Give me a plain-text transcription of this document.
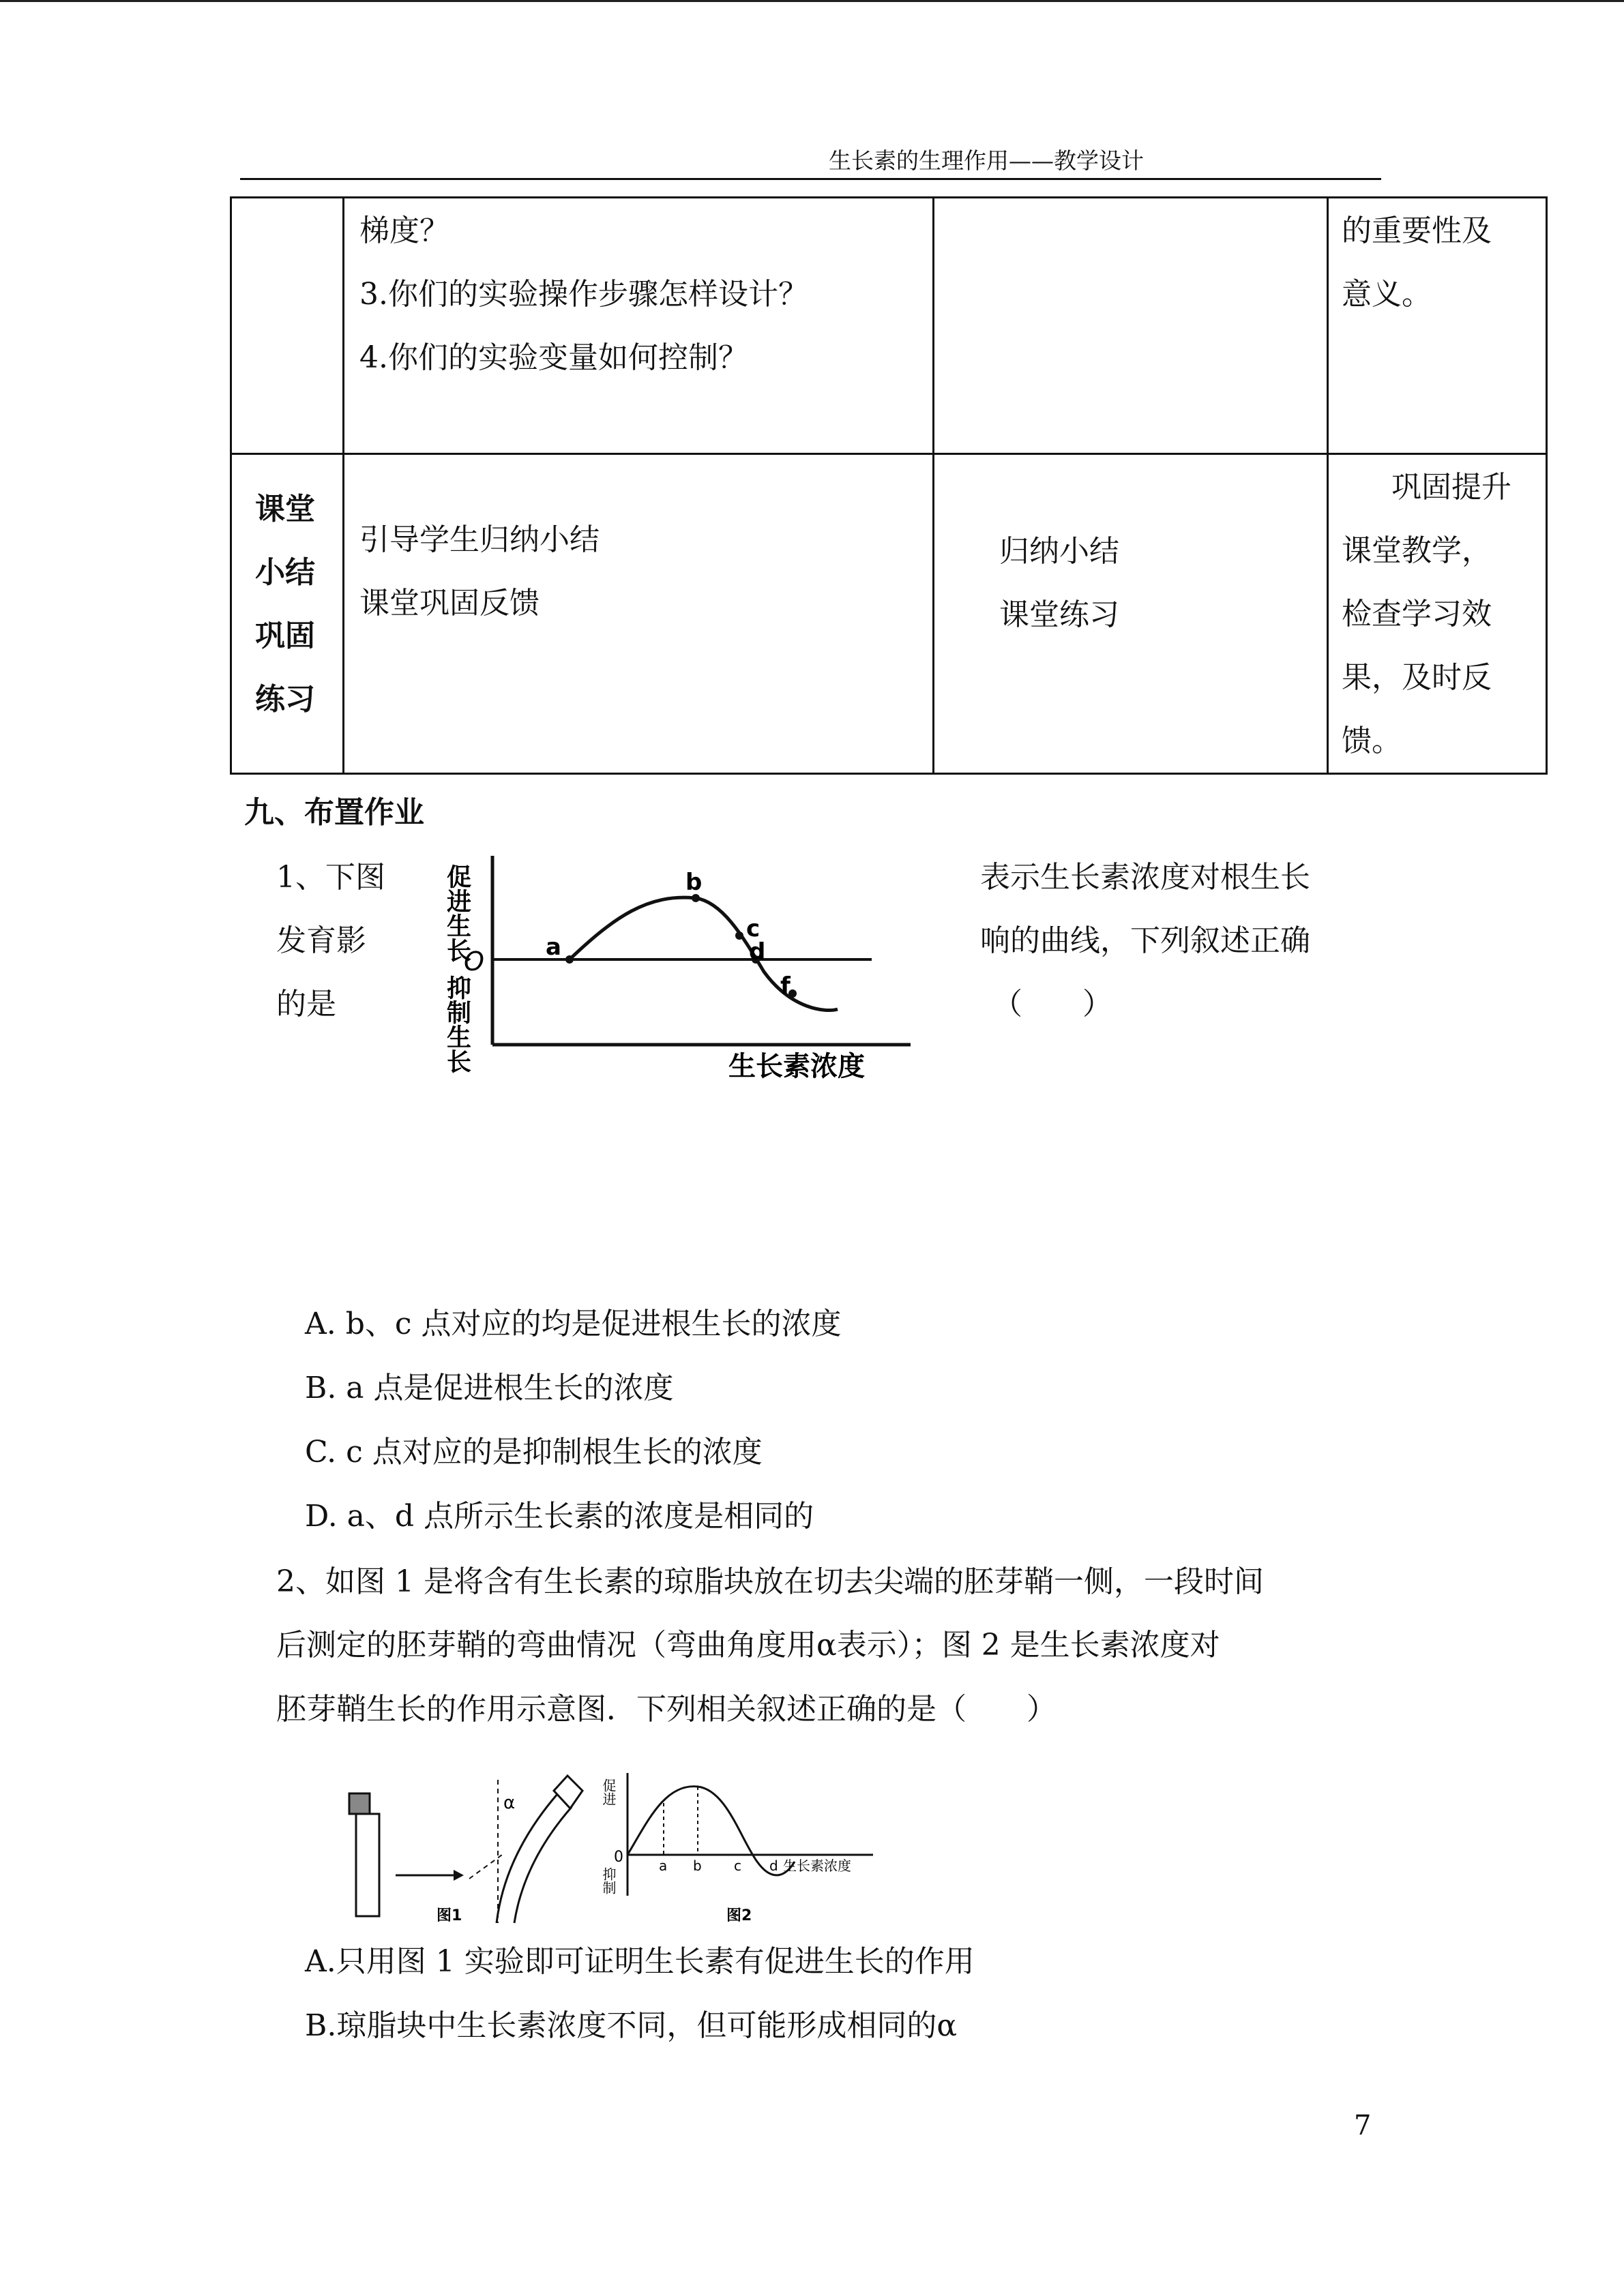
生长素的生理作用——教学设计
梯度？
3.你们的实验操作步骤怎样设计？
4.你们的实验变量如何控制？
的重要性及
意义。
课堂
小结
巩固
练习
引导学生归纳小结
课堂巩固反馈
归纳小结
课堂练习
巩固提升
课堂教学，
检查学习效
果，及时反
馈。
九、布置作业
1、下图
发育影
的是
表示生长素浓度对根生长
响的曲线，下列叙述正确
（　　）
a
b
c
d
f
O
促进生长
抑制生长	生长素浓度
A. b、c 点对应的均是促进根生长的浓度
B. a 点是促进根生长的浓度
C. c 点对应的是抑制根生长的浓度
D. a、d 点所示生长素的浓度是相同的
2、如图 1 是将含有生长素的琼脂块放在切去尖端的胚芽鞘一侧，一段时间
后测定的胚芽鞘的弯曲情况（弯曲角度用α表示）；图 2 是生长素浓度对
胚芽鞘生长的作用示意图．下列相关叙述正确的是（　　）
α
图1
a b c d 生长素浓度
0
促进
抑制
图2
A.只用图 1 实验即可证明生长素有促进生长的作用
B.琼脂块中生长素浓度不同，但可能形成相同的α
7
